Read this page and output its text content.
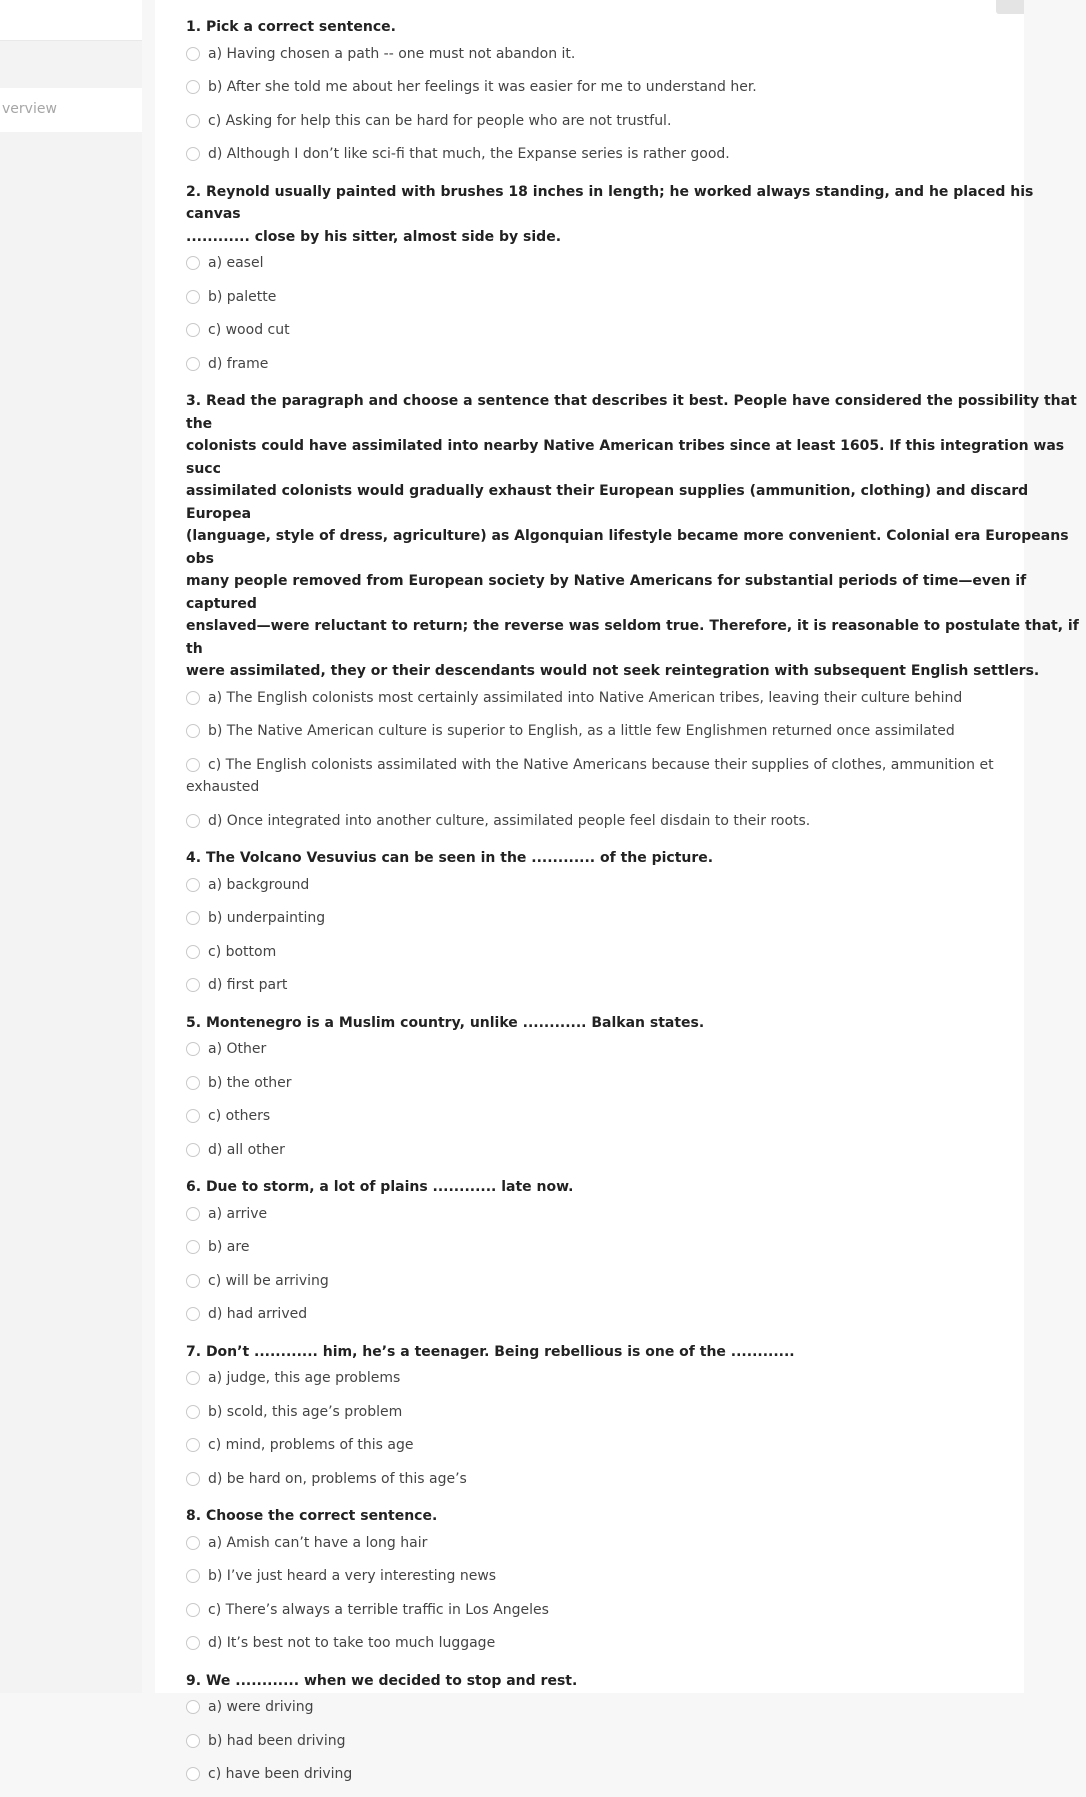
verview
1. Pick a correct sentence.
a) Having chosen a path -- one must not abandon it.
b) After she told me about her feelings it was easier for me to understand her.
c) Asking for help this can be hard for people who are not trustful.
d) Although I don’t like sci-fi that much, the Expanse series is rather good.
2. Reynold usually painted with brushes 18 inches in length; he worked always standing, and he placed his canvas
............ close by his sitter, almost side by side.
a) easel
b) palette
c) wood cut
d) frame
3. Read the paragraph and choose a sentence that describes it best. People have considered the possibility that the
colonists could have assimilated into nearby Native American tribes since at least 1605. If this integration was succ
assimilated colonists would gradually exhaust their European supplies (ammunition, clothing) and discard Europea
(language, style of dress, agriculture) as Algonquian lifestyle became more convenient. Colonial era Europeans obs
many people removed from European society by Native Americans for substantial periods of time—even if captured
enslaved—were reluctant to return; the reverse was seldom true. Therefore, it is reasonable to postulate that, if th
were assimilated, they or their descendants would not seek reintegration with subsequent English settlers.
a) The English colonists most certainly assimilated into Native American tribes, leaving their culture behind
b) The Native American culture is superior to English, as a little few Englishmen returned once assimilated
c) The English colonists assimilated with the Native Americans because their supplies of clothes, ammunition et
exhausted
d) Once integrated into another culture, assimilated people feel disdain to their roots.
4. The Volcano Vesuvius can be seen in the ............ of the picture.
a) background
b) underpainting
c) bottom
d) first part
5. Montenegro is a Muslim country, unlike ............ Balkan states.
a) Other
b) the other
c) others
d) all other
6. Due to storm, a lot of plains ............ late now.
a) arrive
b) are
c) will be arriving
d) had arrived
7. Don’t ............ him, he’s a teenager. Being rebellious is one of the ............
a) judge, this age problems
b) scold, this age’s problem
c) mind, problems of this age
d) be hard on, problems of this age’s
8. Choose the correct sentence.
a) Amish can’t have a long hair
b) I’ve just heard a very interesting news
c) There’s always a terrible traffic in Los Angeles
d) It’s best not to take too much luggage
9. We ............ when we decided to stop and rest.
a) were driving
b) had been driving
c) have been driving
